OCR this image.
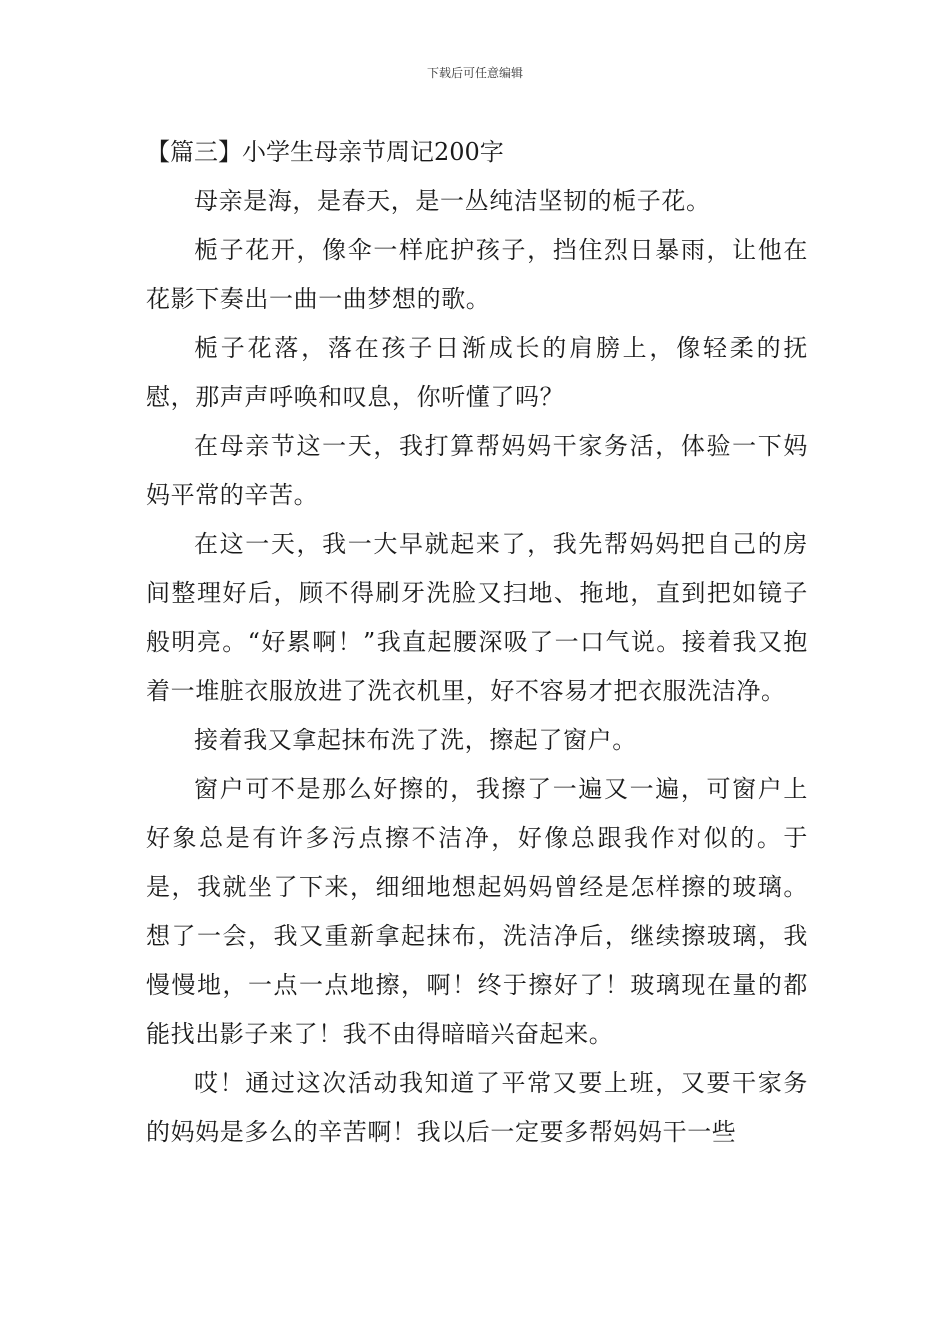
下载后可任意编辑
【篇三】小学生母亲节周记200字

母亲是海，是春天，是一丛纯洁坚韧的栀子花。

栀子花开，像伞一样庇护孩子，挡住烈日暴雨，让他在花影下奏出一曲一曲梦想的歌。

栀子花落，落在孩子日渐成长的肩膀上，像轻柔的抚慰，那声声呼唤和叹息，你听懂了吗？

在母亲节这一天，我打算帮妈妈干家务活，体验一下妈妈平常的辛苦。

在这一天，我一大早就起来了，我先帮妈妈把自己的房间整理好后，顾不得刷牙洗脸又扫地、拖地，直到把如镜子般明亮。“好累啊！”我直起腰深吸了一口气说。接着我又抱着一堆脏衣服放进了洗衣机里，好不容易才把衣服洗洁净。

接着我又拿起抹布洗了洗，擦起了窗户。

窗户可不是那么好擦的，我擦了一遍又一遍，可窗户上好象总是有许多污点擦不洁净，好像总跟我作对似的。于是，我就坐了下来，细细地想起妈妈曾经是怎样擦的玻璃。想了一会，我又重新拿起抹布，洗洁净后，继续擦玻璃，我慢慢地，一点一点地擦，啊！终于擦好了！玻璃现在量的都能找出影子来了！我不由得暗暗兴奋起来。

哎！通过这次活动我知道了平常又要上班，又要干家务的妈妈是多么的辛苦啊！我以后一定要多帮妈妈干一些
